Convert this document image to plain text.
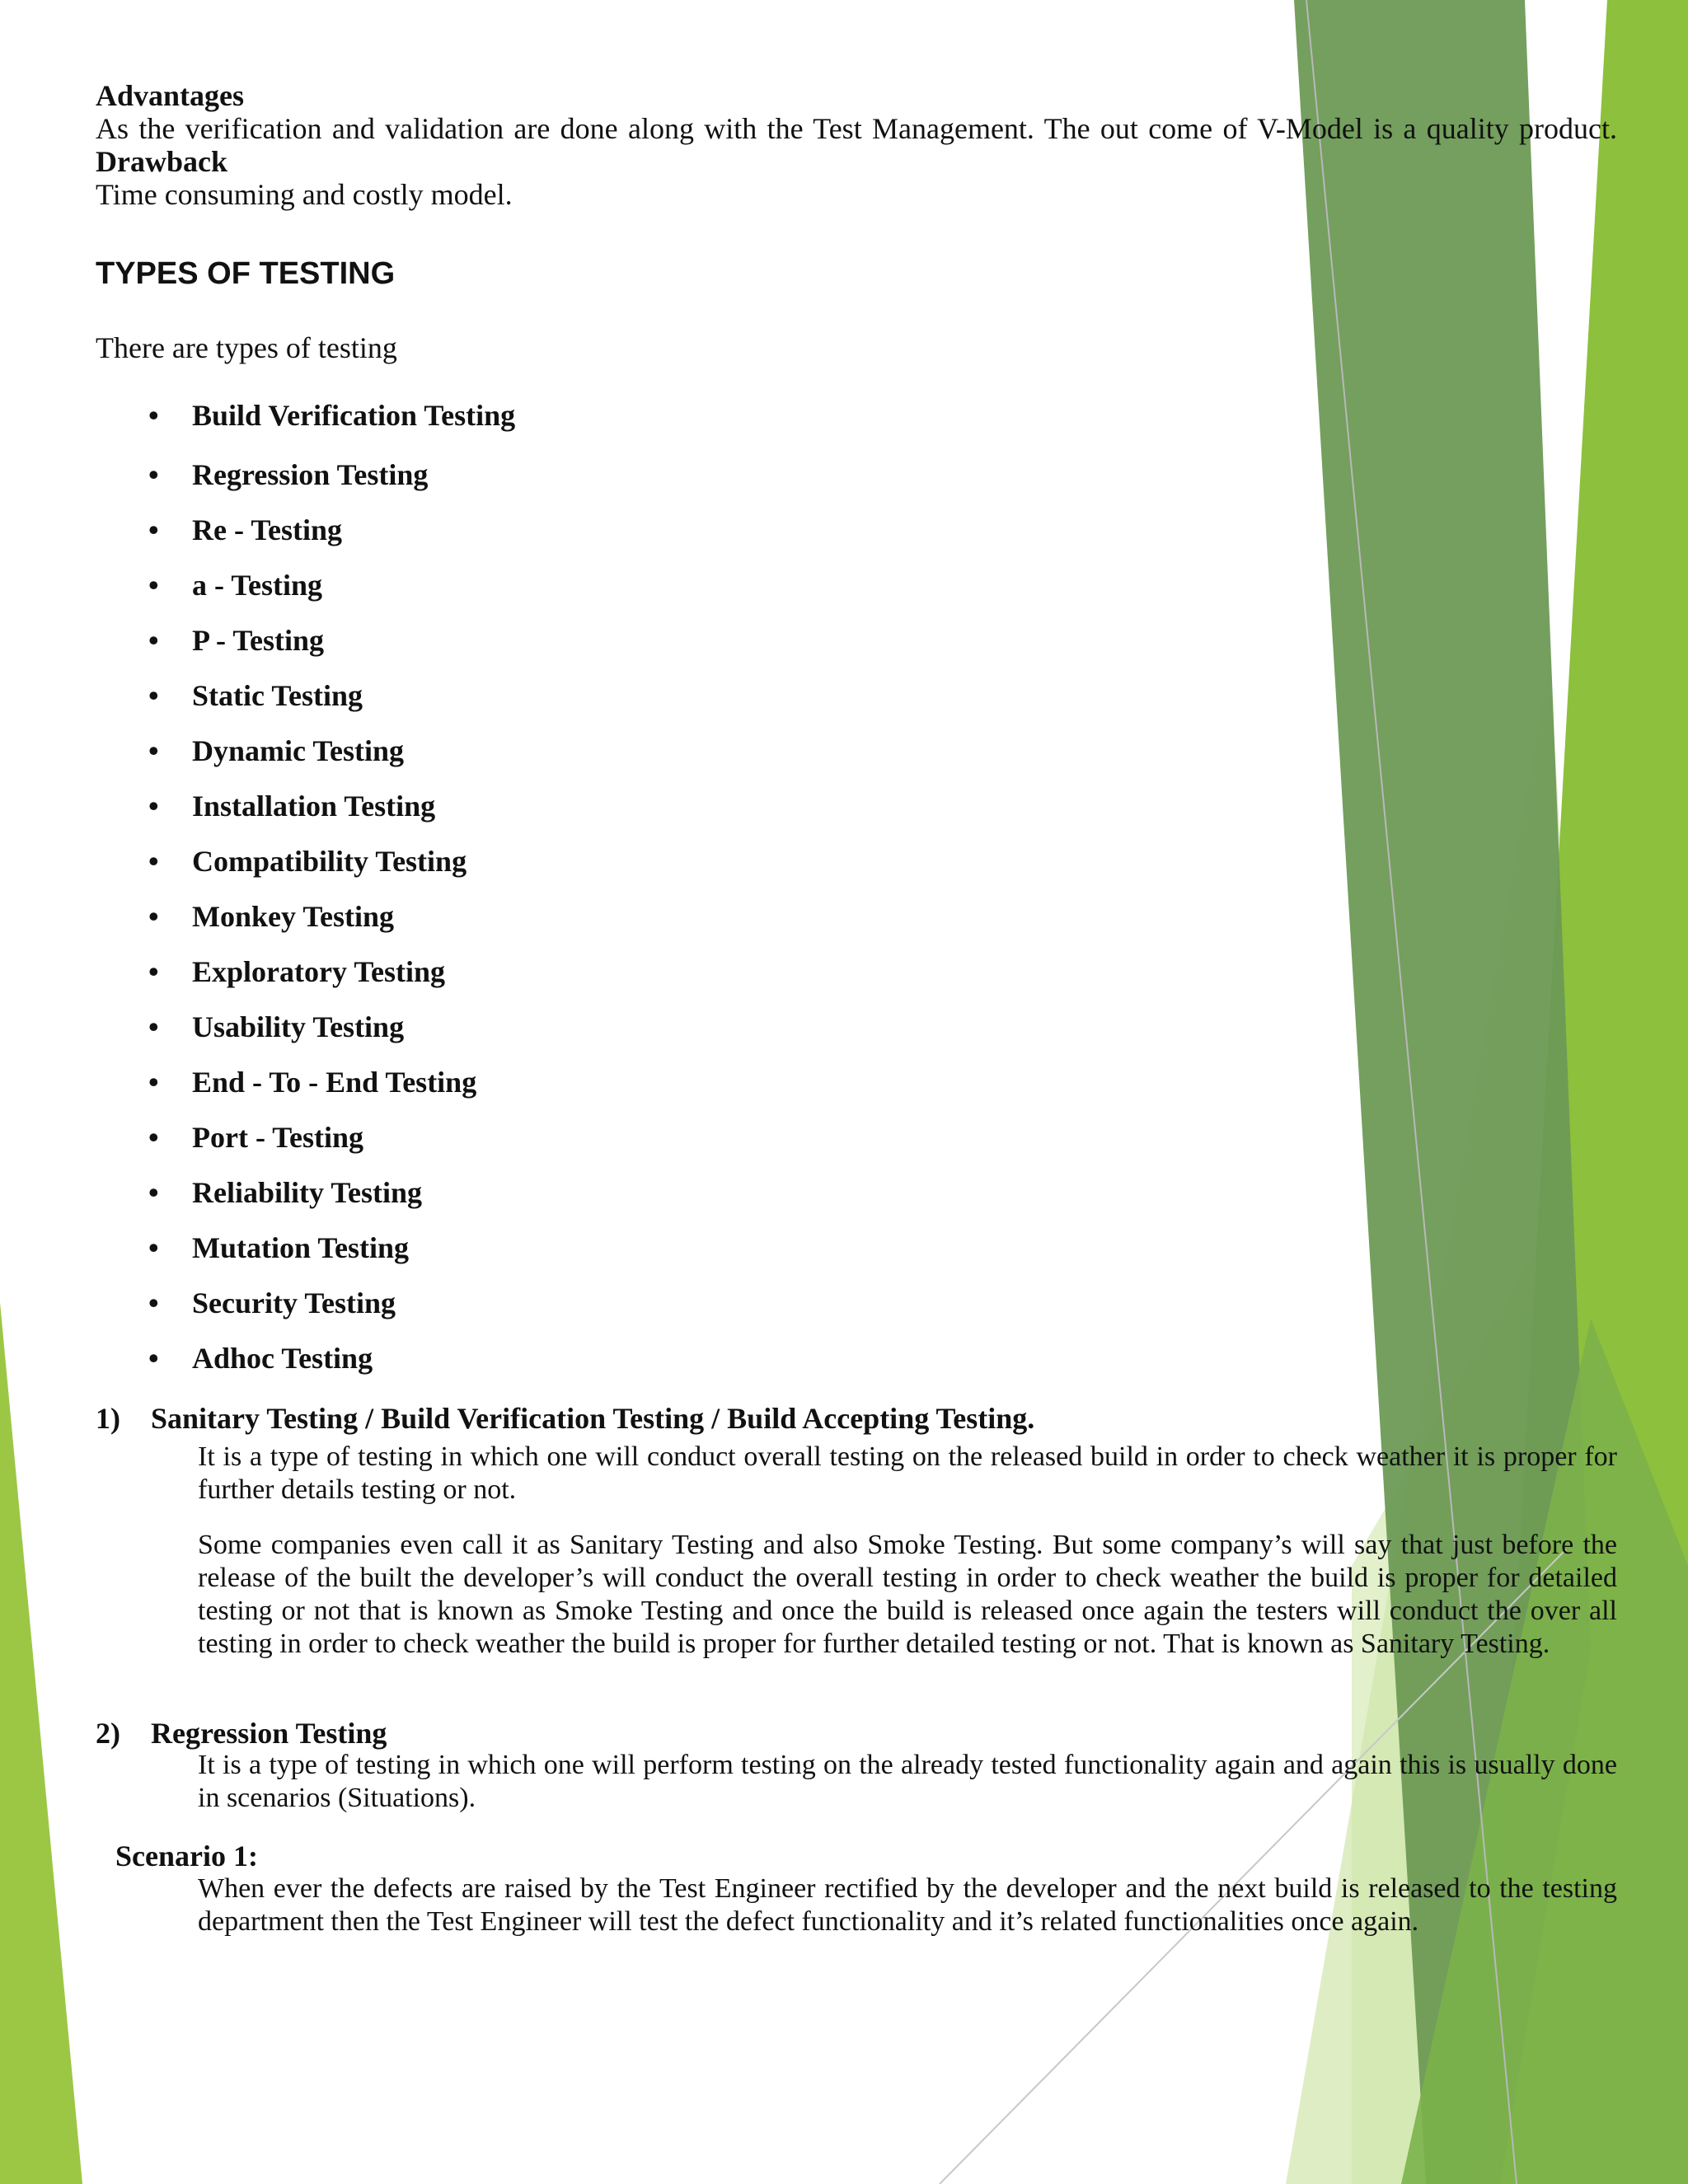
Advantages
As the verification and validation are done along with the Test Management. The out come of V-Model is a quality product.
Drawback
Time consuming and costly model.
TYPES OF TESTING
There are types of testing
• Build Verification Testing
• Regression Testing
• Re - Testing
• a - Testing
• P - Testing
• Static Testing
• Dynamic Testing
• Installation Testing
• Compatibility Testing
• Monkey Testing
• Exploratory Testing
• Usability Testing
• End - To - End Testing
• Port - Testing
• Reliability Testing
• Mutation Testing
• Security Testing
• Adhoc Testing
1) Sanitary Testing / Build Verification Testing / Build Accepting Testing.
It is a type of testing in which one will conduct overall testing on the released build in order to check weather it is proper for further details testing or not.
Some companies even call it as Sanitary Testing and also Smoke Testing. But some company’s will say that just before the release of the built the developer’s will conduct the overall testing in order to check weather the build is proper for detailed testing or not that is known as Smoke Testing and once the build is released once again the testers will conduct the over all testing in order to check weather the build is proper for further detailed testing or not. That is known as Sanitary Testing.
2) Regression Testing
It is a type of testing in which one will perform testing on the already tested functionality again and again this is usually done in scenarios (Situations).
Scenario 1:
When ever the defects are raised by the Test Engineer rectified by the developer and the next build is released to the testing department then the Test Engineer will test the defect functionality and it’s related functionalities once again.
